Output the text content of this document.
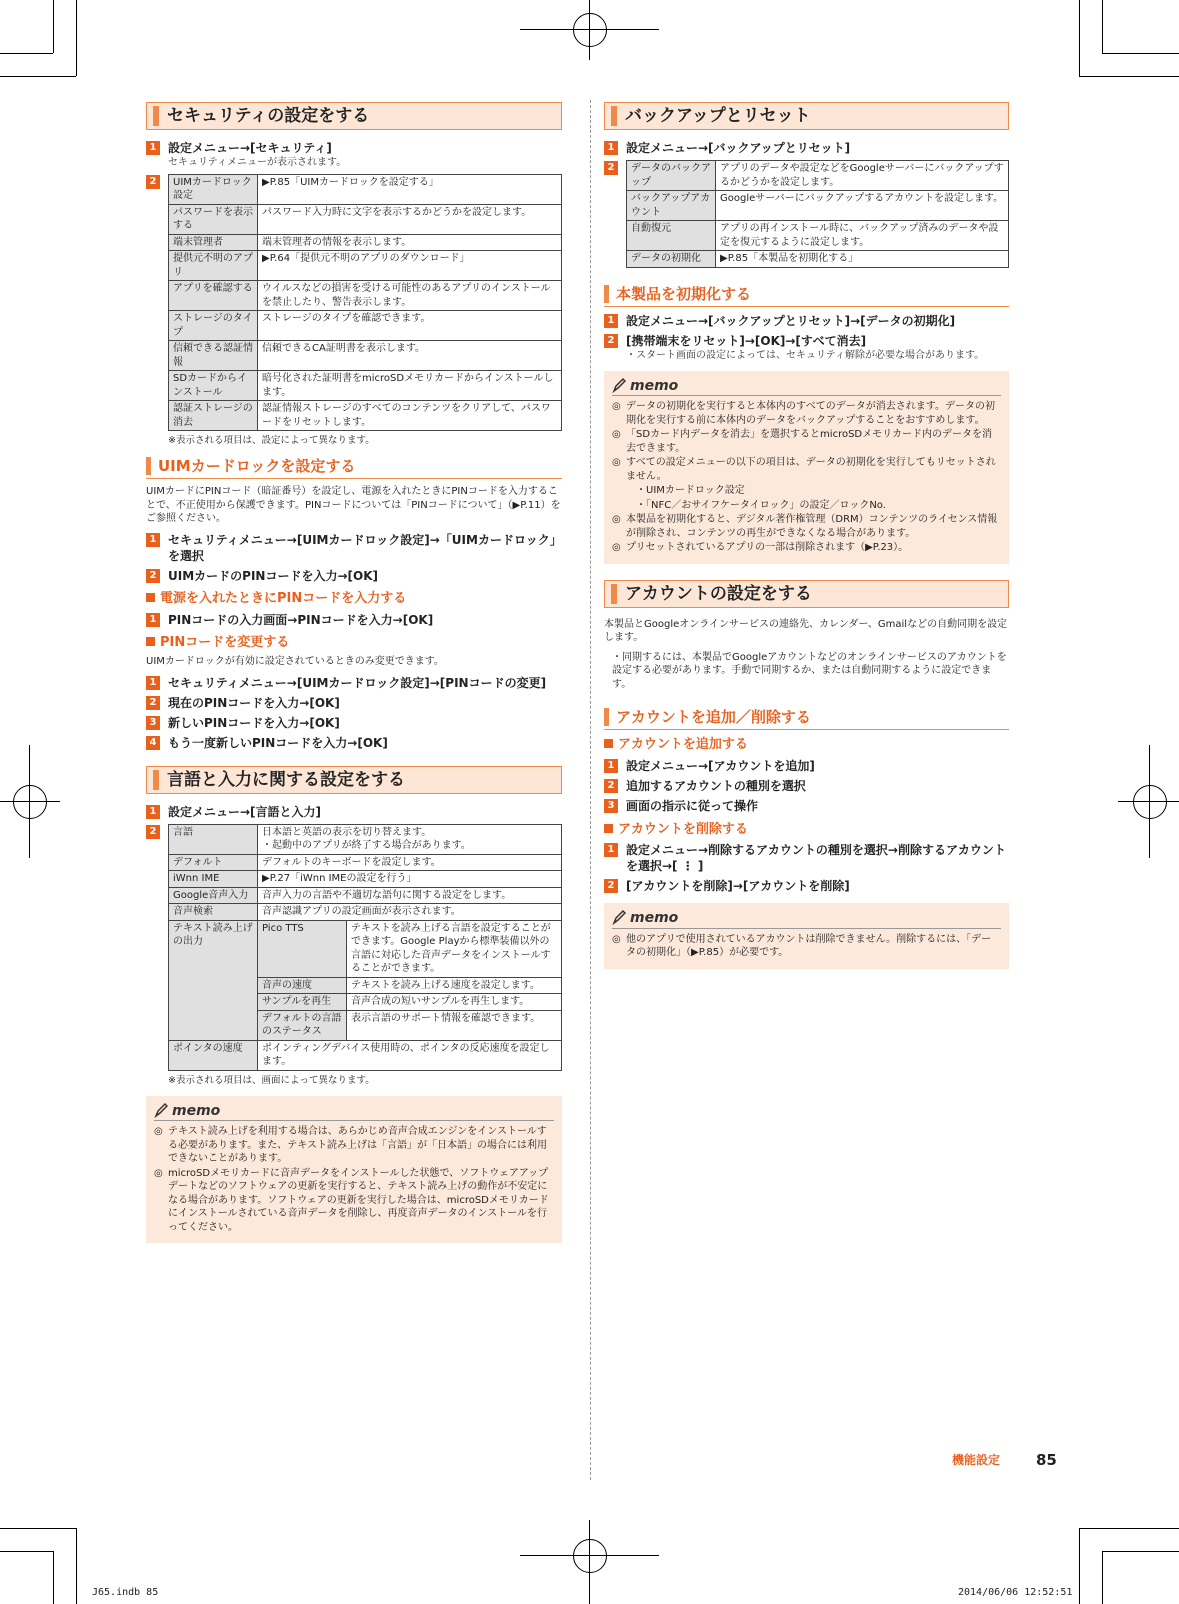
セキュリティの設定をする
1 設定メニュー→[セキュリティ]
セキュリティメニューが表示されます。
2	UIMカードロック設定	▶P.85「UIMカードロックを設定する」
パスワードを表示する	パスワード入力時に文字を表示するかどうかを設定します。
端末管理者	端末管理者の情報を表示します。
提供元不明のアプリ	▶P.64「提供元不明のアプリのダウンロード」
アプリを確認する	ウイルスなどの損害を受ける可能性のあるアプリのインストールを禁止したり、警告表示します。
ストレージのタイプ	ストレージのタイプを確認できます。
信頼できる認証情報	信頼できるCA証明書を表示します。
SDカードからインストール	暗号化された証明書をmicroSDメモリカードからインストールします。
認証ストレージの消去	認証情報ストレージのすべてのコンテンツをクリアして、パスワードをリセットします。
※表示される項目は、設定によって異なります。
UIMカードロックを設定する
UIMカードにPINコード（暗証番号）を設定し、電源を入れたときにPINコードを入力することで、不正使用から保護できます。PINコードについては「PINコードについて」（▶P.11）をご参照ください。
1 セキュリティメニュー→[UIMカードロック設定]→「UIMカードロック」を選択
2 UIMカードのPINコードを入力→[OK]
電源を入れたときにPINコードを入力する
1 PINコードの入力画面→PINコードを入力→[OK]
PINコードを変更する
UIMカードロックが有効に設定されているときのみ変更できます。
1 セキュリティメニュー→[UIMカードロック設定]→[PINコードの変更]
2 現在のPINコードを入力→[OK]
3 新しいPINコードを入力→[OK]
4 もう一度新しいPINコードを入力→[OK]
言語と入力に関する設定をする
1 設定メニュー→[言語と入力]
2	言語	日本語と英語の表示を切り替えます。
・起動中のアプリが終了する場合があります。	

デフォルト	デフォルトのキーボードを設定します。	
iWnn IME	▶P.27「iWnn IMEの設定を行う」	
Google音声入力	音声入力の言語や不適切な語句に関する設定をします。	
音声検索	音声認識アプリの設定画面が表示されます。	
テキスト読み上げの出力	Pico TTS	テキストを読み上げる言語を設定することができます。Google Playから標準装備以外の言語に対応した音声データをインストールすることができます。
	音声の速度	テキストを読み上げる速度を設定します。
	サンプルを再生	音声合成の短いサンプルを再生します。
	デフォルトの言語のステータス	表示言語のサポート情報を確認できます。
ポインタの速度	ポインティングデバイス使用時の、ポインタの反応速度を設定します。	
※表示される項目は、画面によって異なります。
memo
◎ テキスト読み上げを利用する場合は、あらかじめ音声合成エンジンをインストールする必要があります。また、テキスト読み上げは「言語」が「日本語」の場合には利用できないことがあります。
◎ microSDメモリカードに音声データをインストールした状態で、ソフトウェアアップデートなどのソフトウェアの更新を実行すると、テキスト読み上げの動作が不安定になる場合があります。ソフトウェアの更新を実行した場合は、microSDメモリカードにインストールされている音声データを削除し、再度音声データのインストールを行ってください。
バックアップとリセット
1 設定メニュー→[バックアップとリセット]
2	データのバックアップ	アプリのデータや設定などをGoogleサーバーにバックアップするかどうかを設定します。
バックアップアカウント	Googleサーバーにバックアップするアカウントを設定します。
自動復元	アプリの再インストール時に、バックアップ済みのデータや設定を復元するように設定します。
データの初期化	▶P.85「本製品を初期化する」
本製品を初期化する
1 設定メニュー→[バックアップとリセット]→[データの初期化]
2 [携帯端末をリセット]→[OK]→[すべて消去]
・スタート画面の設定によっては、セキュリティ解除が必要な場合があります。
memo
◎ データの初期化を実行すると本体内のすべてのデータが消去されます。データの初期化を実行する前に本体内のデータをバックアップすることをおすすめします。
◎ 「SDカード内データを消去」を選択するとmicroSDメモリカード内のデータを消去できます。
◎ すべての設定メニューの以下の項目は、データの初期化を実行してもリセットされません。
・UIMカードロック設定
・「NFC／おサイフケータイロック」の設定／ロックNo.
◎ 本製品を初期化すると、デジタル著作権管理（DRM）コンテンツのライセンス情報が削除され、コンテンツの再生ができなくなる場合があります。
◎ プリセットされているアプリの一部は削除されます（▶P.23）。
アカウントの設定をする
本製品とGoogleオンラインサービスの連絡先、カレンダー、Gmailなどの自動同期を設定します。
・同期するには、本製品でGoogleアカウントなどのオンラインサービスのアカウントを設定する必要があります。手動で同期するか、または自動同期するように設定できます。
アカウントを追加／削除する
アカウントを追加する
1 設定メニュー→[アカウントを追加]
2 追加するアカウントの種別を選択
3 画面の指示に従って操作
アカウントを削除する
1 設定メニュー→削除するアカウントの種別を選択→削除するアカウントを選択→[ ⋮ ]
2 [アカウントを削除]→[アカウントを削除]
memo
◎ 他のアプリで使用されているアカウントは削除できません。削除するには、「データの初期化」（▶P.85）が必要です。
機能設定 85
J65.indb 85	2014/06/06 12:52:51
